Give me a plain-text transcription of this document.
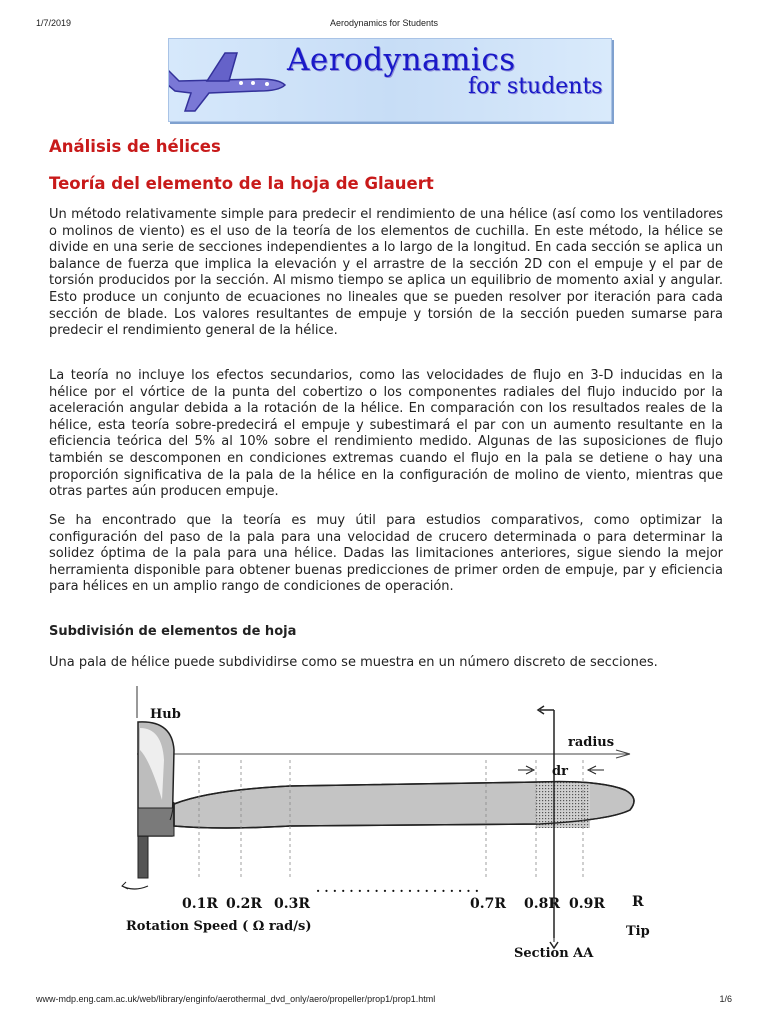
1/7/2019	Aerodynamics for Students
Aerodynamics
for students
Análisis de hélices
Teoría del elemento de la hoja de Glauert

Un método relativamente simple para predecir el rendimiento de una hélice (así como los ventiladores o molinos de viento) es el uso de la teoría de los elementos de cuchilla. En este método, la hélice se divide en una serie de secciones independientes a lo largo de la longitud. En cada sección se aplica un balance de fuerza que implica la elevación y el arrastre de la sección 2D con el empuje y el par de torsión producidos por la sección. Al mismo tiempo se aplica un equilibrio de momento axial y angular. Esto produce un conjunto de ecuaciones no lineales que se pueden resolver por iteración para cada sección de blade. Los valores resultantes de empuje y torsión de la sección pueden sumarse para predecir el rendimiento general de la hélice.

La teoría no incluye los efectos secundarios, como las velocidades de flujo en 3-D inducidas en la hélice por el vórtice de la punta del cobertizo o los componentes radiales del flujo inducido por la aceleración angular debida a la rotación de la hélice. En comparación con los resultados reales de la hélice, esta teoría sobre-predecirá el empuje y subestimará el par con un aumento resultante en la eficiencia teórica del 5% al 10% sobre el rendimiento medido. Algunas de las suposiciones de flujo también se descomponen en condiciones extremas cuando el flujo en la pala se detiene o hay una proporción significativa de la pala de la hélice en la configuración de molino de viento, mientras que otras partes aún producen empuje.

Se ha encontrado que la teoría es muy útil para estudios comparativos, como optimizar la configuración del paso de la pala para una velocidad de crucero determinada o para determinar la solidez óptima de la pala para una hélice. Dadas las limitaciones anteriores, sigue siendo la mejor herramienta disponible para obtener buenas predicciones de primer orden de empuje, par y eficiencia para hélices en un amplio rango de condiciones de operación.

Subdivisión de elementos de hoja

Una pala de hélice puede subdividirse como se muestra en un número discreto de secciones.

Hub
radius
dr
0.1R 0.2R 0.3R
. . . . . . . . . . . . . . . . . . . .
0.7R 0.8R 0.9R R
Rotation Speed ( Ω rad/s)	Tip
Section AA
www-mdp.eng.cam.ac.uk/web/library/enginfo/aerothermal_dvd_only/aero/propeller/prop1/prop1.html	1/6
